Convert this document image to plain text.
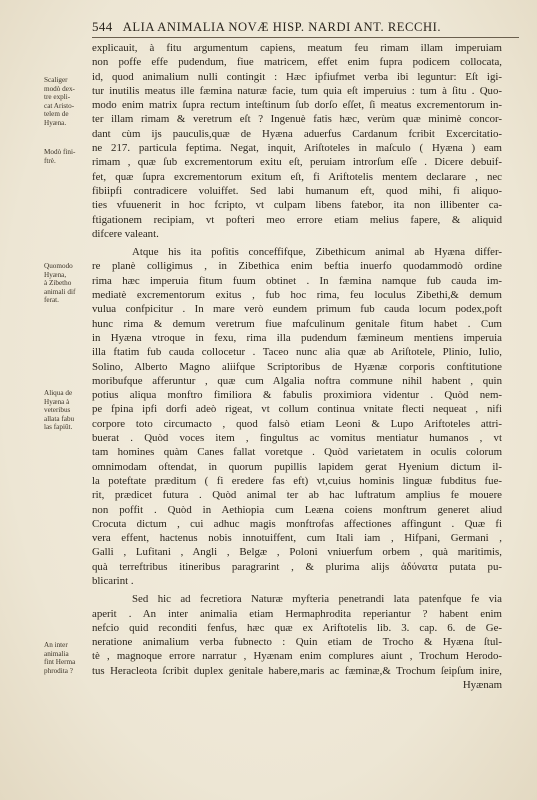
544 ALIA ANIMALIA NOVÆ HISP. NARDI ANT. RECCHI.
Scaliger
modò dex-
tre expli-
cat Aristo-
telem de
Hyæna.
Modò fini-
ftrè.
Quomodo
Hyæna,
à Zibetho
animali dif
ferat.
Aliqua de
Hyæna à
veteribus
allata fabu
las fapiūt.
An inter
animalia
fint Herma
phrodita ?
explicauit, à fitu argumentum capiens, meatum feu rimam illam imperuiam
non poffe effe pudendum, fiue matricem, effet enim fupra podicem collocata,
id, quod animalium nulli contingit : Hæc ipfiufmet verba ibi leguntur: Eſt igi-
tur inutilis meatus ille fæmina naturæ facie, tum quia eſt imperuius : tum à ſitu . Quo-
modo enim matrix ſupra rectum inteſtinum ſub dorſo eſſet, ſi meatus excrementorum in-
ter illam rimam & veretrum eſt ? Ingenuè fatis hæc, verùm quæ minimè concor-
dant cùm ijs pauculis,quæ de Hyæna aduerfus Cardanum fcribit Excercitatio-
ne 217. particula feptima. Negat, inquit, Ariſtoteles in maſculo ( Hyæna ) eam
rimam , quæ ſub excrementorum exitu eſt, peruiam introrſum eſſe . Dicere debuif-
fet, quæ ſupra excrementorum exitum eſt, fi Ariftotelis mentem declarare , nec
fibiipfi contradicere voluiffet. Sed labi humanum eft, quod mihi, fi aliquo-
ties vfuuenerit in hoc fcripto, vt culpam libens fatebor, ita non illibenter ca-
ftigationem recipiam, vt pofteri meo errore etiam melius fapere, & aliquid
difcere valeant.
Atque his ita pofitis conceffifque, Zibethicum animal ab Hyæna differ-
re planè colligimus , in Zibethica enim beftia inuerfo quodammodò ordine
rima hæc imperuia fitum fuum obtinet . In fæmina namque fub cauda im-
mediatè excrementorum exitus , fub hoc rima, feu loculus Zibethi,& demum
vulua confpicitur . In mare verò eundem primum fub cauda locum podex,poft
hunc rima & demum veretrum fiue mafculinum genitale fitum habet . Cum
in Hyæna vtroque in fexu, rima illa pudendum fæmineum mentiens imperuia
illa ftatim fub cauda collocetur . Taceo nunc alia quæ ab Ariſtotele, Plinio, Iulio,
Solino, Alberto Magno aliifque Scriptoribus de Hyænæ corporis conftitutione
moribufque afferuntur , quæ cum Algalia noftra commune nihil habent , quin
potius aliqua monftro fimiliora & fabulis proximiora videntur . Quòd nem-
pe fpina ipfi dorfi adeò rigeat, vt collum continua vnitate flecti nequeat , nifi
corpore toto circumacto , quod falsò etiam Leoni & Lupo Ariftoteles attri-
buerat . Quòd voces item , fingultus ac vomitus mentiatur humanos , vt
tam homines quàm Canes fallat voretque . Quòd varietatem in oculis colorum
omnimodam oftendat, in quorum pupillis lapidem gerat Hyenium dictum il-
la poteftate præditum ( fi eredere fas eft) vt,cuius hominis linguæ fubditus fue-
rit, prædicet futura . Quòd animal ter ab hac luftratum amplius fe mouere
non poffit . Quòd in Aethiopia cum Leæna coiens monftrum generet aliud
Crocuta dictum , cui adhuc magis monftrofas affectiones affingunt . Quæ fi
vera effent, hactenus nobis innotuiffent, cum Itali iam , Hifpani, Germani ,
Galli , Lufitani , Angli , Belgæ , Poloni vniuerfum orbem , quà maritimis,
quà terreftribus itineribus paragrarint , & plurima alijs ἀδύνατα putata pu-
blicarint .
Sed hic ad fecretiora Naturæ myfteria penetrandi lata patenfque fe via
aperit . An inter animalia etiam Hermaphrodita reperiantur ? habent enim
nefcio quid reconditi fenfus, hæc quæ ex Ariftotelis lib. 3. cap. 6. de Ge-
neratione animalium verba fubnecto : Quin etiam de Trocho & Hyæna ſtul-
tè , magnoque errore narratur , Hyænam enim complures aiunt , Trochum Herodo-
tus Heracleota ſcribit duplex genitale habere,maris ac fæminæ,& Trochum ſeipſum inire,
Hyænam
